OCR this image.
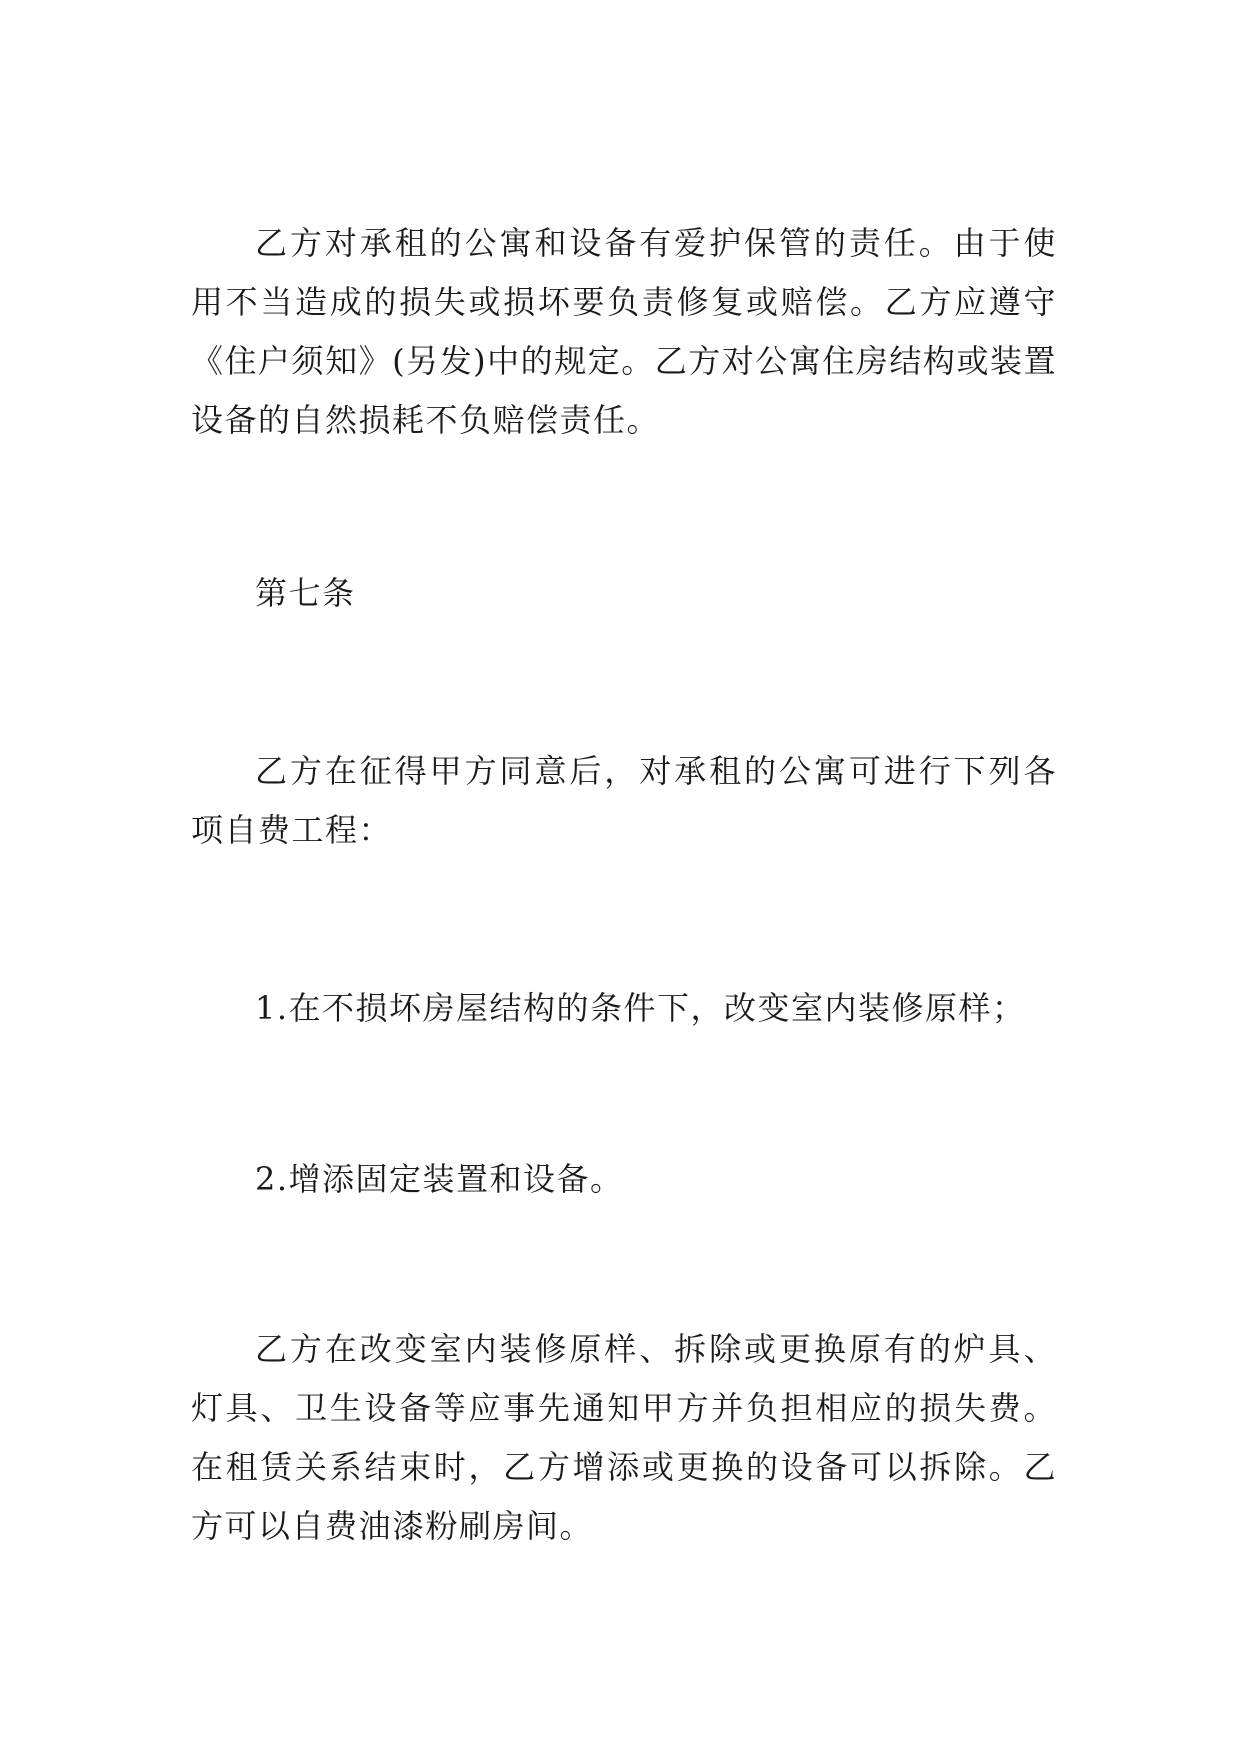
乙方对承租的公寓和设备有爱护保管的责任。由于使用不当造成的损失或损坏要负责修复或赔偿。乙方应遵守《住户须知》(另发)中的规定。乙方对公寓住房结构或装置设备的自然损耗不负赔偿责任。

第七条

乙方在征得甲方同意后，对承租的公寓可进行下列各项自费工程：

1.在不损坏房屋结构的条件下，改变室内装修原样；

2.增添固定装置和设备。

乙方在改变室内装修原样、拆除或更换原有的炉具、灯具、卫生设备等应事先通知甲方并负担相应的损失费。在租赁关系结束时，乙方增添或更换的设备可以拆除。乙方可以自费油漆粉刷房间。
